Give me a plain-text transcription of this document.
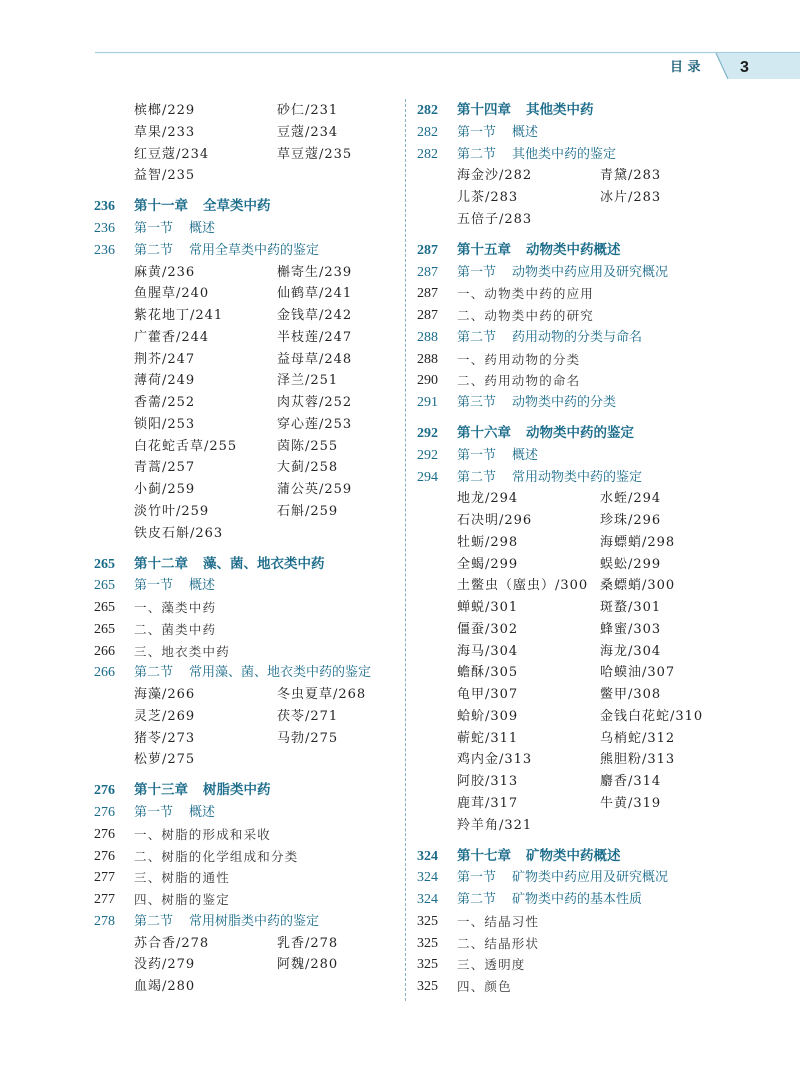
目 录 3
槟榔/229	砂仁/231
草果/233	豆蔻/234
红豆蔻/234	草豆蔻/235
益智/235
236 第十一章 全草类中药
236 第一节 概述
236 第二节 常用全草类中药的鉴定
麻黄/236	槲寄生/239
鱼腥草/240	仙鹤草/241
紫花地丁/241	金钱草/242
广藿香/244	半枝莲/247
荆芥/247	益母草/248
薄荷/249	泽兰/251
香薷/252	肉苁蓉/252
锁阳/253	穿心莲/253
白花蛇舌草/255	茵陈/255
青蒿/257	大蓟/258
小蓟/259	蒲公英/259
淡竹叶/259	石斛/259
铁皮石斛/263
265 第十二章 藻、菌、地衣类中药
265 第一节 概述
265 一、藻类中药
265 二、菌类中药
266 三、地衣类中药
266 第二节 常用藻、菌、地衣类中药的鉴定
海藻/266	冬虫夏草/268
灵芝/269	茯苓/271
猪苓/273	马勃/275
松萝/275
276 第十三章 树脂类中药
276 第一节 概述
276 一、树脂的形成和采收
276 二、树脂的化学组成和分类
277 三、树脂的通性
277 四、树脂的鉴定
278 第二节 常用树脂类中药的鉴定
苏合香/278	乳香/278
没药/279	阿魏/280
血竭/280
282 第十四章 其他类中药
282 第一节 概述
282 第二节 其他类中药的鉴定
海金沙/282	青黛/283
儿茶/283	冰片/283
五倍子/283
287 第十五章 动物类中药概述
287 第一节 动物类中药应用及研究概况
287 一、动物类中药的应用
287 二、动物类中药的研究
288 第二节 药用动物的分类与命名
288 一、药用动物的分类
290 二、药用动物的命名
291 第三节 动物类中药的分类
292 第十六章 动物类中药的鉴定
292 第一节 概述
294 第二节 常用动物类中药的鉴定
地龙/294	水蛭/294
石决明/296	珍珠/296
牡蛎/298	海螵蛸/298
全蝎/299	蜈蚣/299
土鳖虫（䗪虫）/300 桑螵蛸/300
蝉蜕/301	斑蝥/301
僵蚕/302	蜂蜜/303
海马/304	海龙/304
蟾酥/305	哈蟆油/307
龟甲/307	鳖甲/308
蛤蚧/309	金钱白花蛇/310
蕲蛇/311	乌梢蛇/312
鸡内金/313	熊胆粉/313
阿胶/313	麝香/314
鹿茸/317	牛黄/319
羚羊角/321
324 第十七章 矿物类中药概述
324 第一节 矿物类中药应用及研究概况
324 第二节 矿物类中药的基本性质
325 一、结晶习性
325 二、结晶形状
325 三、透明度
325 四、颜色
